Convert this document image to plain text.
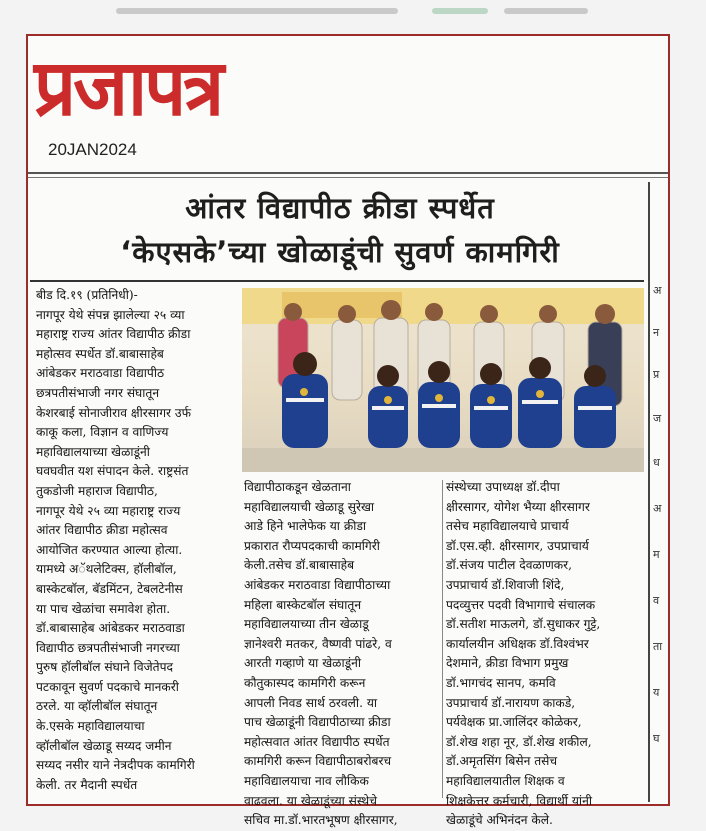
प्रजापत्र
20JAN2024
अ
न
प्र
ज
ध
अ
म
व
ता
य
घ
आंतर विद्यापीठ क्रीडा स्पर्धेत
‘केएसके’च्या खोळाडूंची सुवर्ण कामगिरी

बीड दि.१९ (प्रतिनिधी)-
नागपूर येथे संपन्न झालेल्या २५ व्या
महाराष्ट्र राज्य आंतर विद्यापीठ क्रीडा
महोत्सव स्पर्धेत डॉ.बाबासाहेब
आंबेडकर मराठवाडा विद्यापीठ
छत्रपतीसंभाजी नगर संघातून
केशरबाई सोनाजीराव क्षीरसागर उर्फ
काकू कला, विज्ञान व वाणिज्य
महाविद्यालयाच्या खेळाडूंनी
घवघवीत यश संपादन केले. राष्ट्रसंत
तुकडोजी महाराज विद्यापीठ,
नागपूर येथे २५ व्या महाराष्ट्र राज्य
आंतर विद्यापीठ क्रीडा महोत्सव
आयोजित करण्यात आल्या होत्या.
यामध्ये अॅथलेटिक्स, हॉलीबॉल,
बास्केटबॉल, बॅडमिंटन, टेबलटेनीस
या पाच खेळांचा समावेश होता.
डॉ.बाबासाहेब आंबेडकर मराठवाडा
विद्यापीठ छत्रपतीसंभाजी नगरच्या
पुरुष हॉलीबॉल संघाने विजेतेपद
पटकावून सुवर्ण पदकाचे मानकरी
ठरले. या व्हॉलीबॉल संघातून
के.एसके महाविद्यालयाचा
व्हॉलीबॉल खेळाडू सय्यद जमीन
सय्यद नसीर याने नेत्रदीपक कामगिरी
केली. तर मैदानी स्पर्धेत

विद्यापीठाकडून खेळताना
महाविद्यालयाची खेळाडू सुरेखा
आडे हिने भालेफेक या क्रीडा
प्रकारात रौप्यपदकाची कामगिरी
केली.तसेच डॉ.बाबासाहेब
आंबेडकर मराठवाडा विद्यापीठाच्या
महिला बास्केटबॉल संघातून
महाविद्यालयाच्या तीन खेळाडू
ज्ञानेश्वरी मतकर, वैष्णवी पांढरे, व
आरती गव्हाणे या खेळाडूंनी
कौतुकास्पद कामगिरी करून
आपली निवड सार्थ ठरवली. या
पाच खेळाडूंनी विद्यापीठाच्या क्रीडा
महोत्सवात आंतर विद्यापीठ स्पर्धेत
कामगिरी करून विद्यापीठाबरोबरच
महाविद्यालयाचा नाव लौकिक
वाढवला. या खेळाडूंच्या संस्थेचे
सचिव मा.डॉ.भारतभूषण क्षीरसागर,

संस्थेच्या उपाध्यक्ष डॉ.दीपा
क्षीरसागर, योगेश भैय्या क्षीरसागर
तसेच महाविद्यालयाचे प्राचार्य
डॉ.एस.व्ही. क्षीरसागर, उपप्राचार्य
डॉ.संजय पाटील देवळाणकर,
उपप्राचार्य डॉ.शिवाजी शिंदे,
पदव्युत्तर पदवी विभागाचे संचालक
डॉ.सतीश माऊलगे, डॉ.सुधाकर गुट्टे,
कार्यालयीन अधिक्षक डॉ.विश्वंभर
देशमाने, क्रीडा विभाग प्रमुख
डॉ.भागचंद सानप, कमवि
उपप्राचार्य डॉ.नारायण काकडे,
पर्यवेक्षक प्रा.जालिंदर कोळेकर,
डॉ.शेख शहा नूर, डॉ.शेख शकील,
डॉ.अमृतसिंग बिसेन तसेच
महाविद्यालयातील शिक्षक व
शिक्षकेत्तर कर्मचारी, विद्यार्थी यांनी
खेळाडूंचे अभिनंदन केले.
